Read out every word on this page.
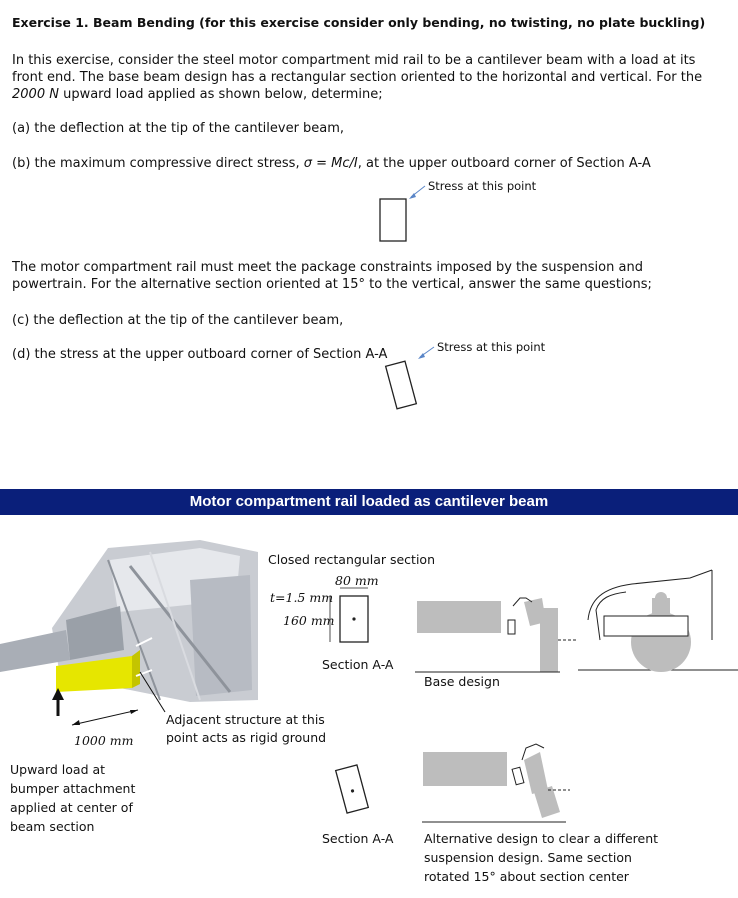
Exercise 1. Beam Bending (for this exercise consider only bending, no twisting, no plate buckling)
In this exercise, consider the steel motor compartment mid rail to be a cantilever beam with a load at its
front end. The base beam design has a rectangular section oriented to the horizontal and vertical. For the
2000 N upward load applied as shown below, determine;
(a) the deflection at the tip of the cantilever beam,
(b) the maximum compressive direct stress, σ = Mc/I, at the upper outboard corner of Section A-A
Stress at this point
The motor compartment rail must meet the package constraints imposed by the suspension and
powertrain. For the alternative section oriented at 15° to the vertical, answer the same questions;
(c) the deflection at the tip of the cantilever beam,
(d) the stress at the upper outboard corner of Section A-A	Stress at this point
Motor compartment rail loaded as cantilever beam
Closed rectangular section
80 mm
t=1.5 mm
160 mm
Section A-A
Base design
1000 mm
Adjacent structure at this
point acts as rigid ground
Upward load at
bumper attachment
applied at center of
beam section
Section A-A Alternative design to clear a different
suspension design. Same section
rotated 15° about section center
